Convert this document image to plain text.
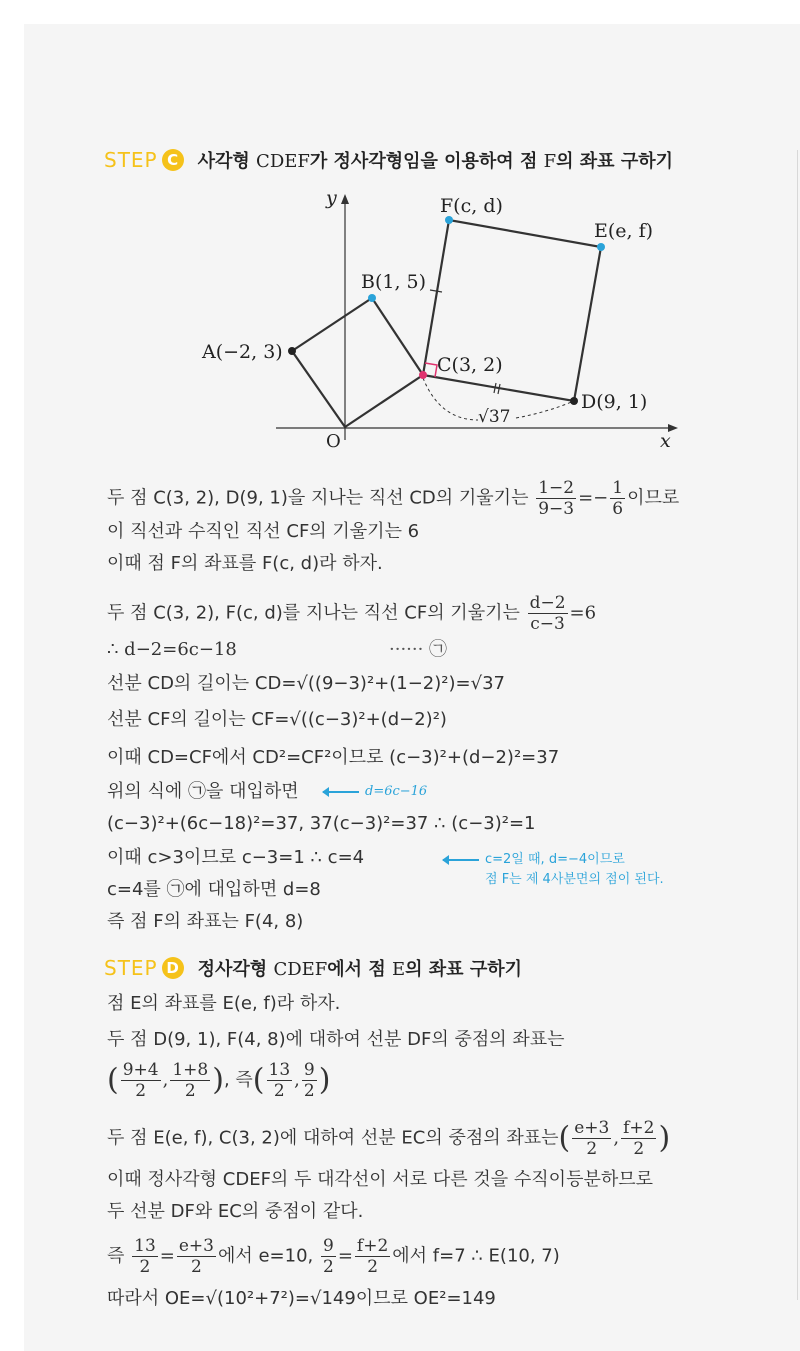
STEP C	사각형 CDEF가 정사각형임을 이용하여 점 F의 좌표 구하기
y
x
O
√37
A(−2, 3)
B(1, 5)
C(3, 2)
D(9, 1)
E(e, f)
F(c, d)
두 점 C(3, 2), D(9, 1)을 지나는 직선 CD의 기울기는 $\frac{1-2}{9-3} =- \frac{1}{6}$ 이므로
이 직선과 수직인 직선 CF의 기울기는 6
이때 점 F의 좌표를 F(c, d)라 하자.
두 점 C(3, 2), F(c, d)를 지나는 직선 CF의 기울기는 $\frac{d-2}{c-3} =6$
∴ d−2=6c−18	······ ㉠
선분 CD의 길이는 CD=√((9−3)²+(1−2)²)=√37
선분 CF의 길이는 CF=√((c−3)²+(d−2)²)
이때 CD=CF에서 CD²=CF²이므로 (c−3)²+(d−2)²=37
위의 식에 ㉠을 대입하면	d=6c−16
(c−3)²+(6c−18)²=37, 37(c−3)²=37 ∴ (c−3)²=1
이때 c>3이므로 c−3=1 ∴ c=4	c=2일 때, d=−4이므로
점 F는 제 4사분면의 점이 된다.
c=4를 ㉠에 대입하면 d=8
즉 점 F의 좌표는 F(4, 8)
STEP D 정사각형 CDEF에서 점 E의 좌표 구하기
점 E의 좌표를 E(e, f)라 하자.
두 점 D(9, 1), F(4, 8)에 대하여 선분 DF의 중점의 좌표는
( $\frac{9+4}{2}$ , $\frac{1+8}{2}$ ), 즉( $\frac{13}{2}$ , $\frac{9}{2}$ )
두 점 E(e, f), C(3, 2)에 대하여 선분 EC의 중점의 좌표는( $\frac{e+3}{2}$ , $\frac{f+2}{2}$ )
이때 정사각형 CDEF의 두 대각선이 서로 다른 것을 수직이등분하므로
두 선분 DF와 EC의 중점이 같다.
즉 $\frac{13}{2} = \frac{e+3}{2}$ 에서 e=10, $\frac{9}{2} = \frac{f+2}{2}$ 에서 f=7 ∴ E(10, 7)
따라서 OE=√(10²+7²)=√149이므로 OE²=149
